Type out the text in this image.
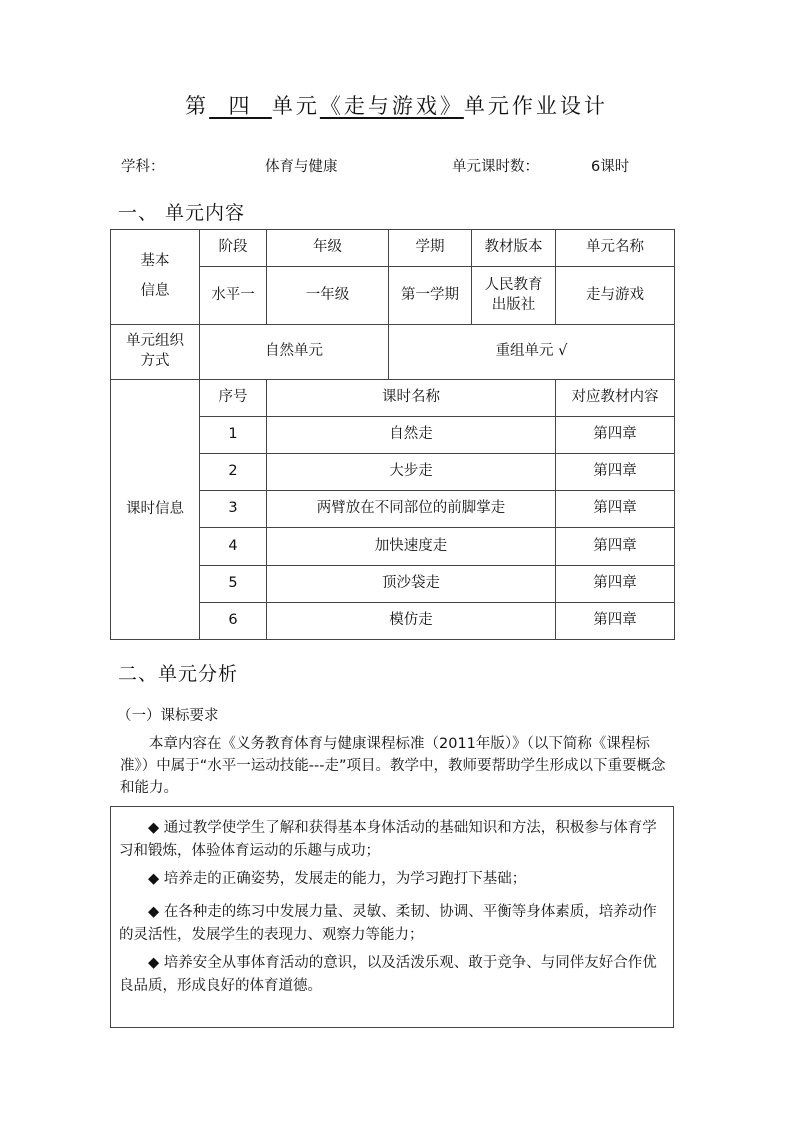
第 四 单元《走与游戏》单元作业设计
学科：	体育与健康	单元课时数：	6课时
一、 单元内容
基本
信息	阶段	年级	学期	教材版本	单元名称
	水平一	一年级	第一学期	人民教育出版社	走与游戏

单元组织方式	自然单元		重组单元 √		
课时信息	序号	课时名称			对应教材内容
	1	自然走			第四章
	2	大步走			第四章
	3	两臂放在不同部位的前脚掌走			第四章
	4	加快速度走			第四章
	5	顶沙袋走			第四章
	6	模仿走			第四章
二、单元分析
（一）课标要求
本章内容在《义务教育体育与健康课程标准（2011年版）》（以下简称《课程标准》）中属于“水平一运动技能---走”项目。教学中，教师要帮助学生形成以下重要概念和能力。
◆ 通过教学使学生了解和获得基本身体活动的基础知识和方法，积极参与体育学习和锻炼，体验体育运动的乐趣与成功；
◆ 培养走的正确姿势，发展走的能力，为学习跑打下基础；
◆ 在各种走的练习中发展力量、灵敏、柔韧、协调、平衡等身体素质，培养动作的灵活性，发展学生的表现力、观察力等能力；
◆ 培养安全从事体育活动的意识，以及活泼乐观、敢于竞争、与同伴友好合作优良品质，形成良好的体育道德。
